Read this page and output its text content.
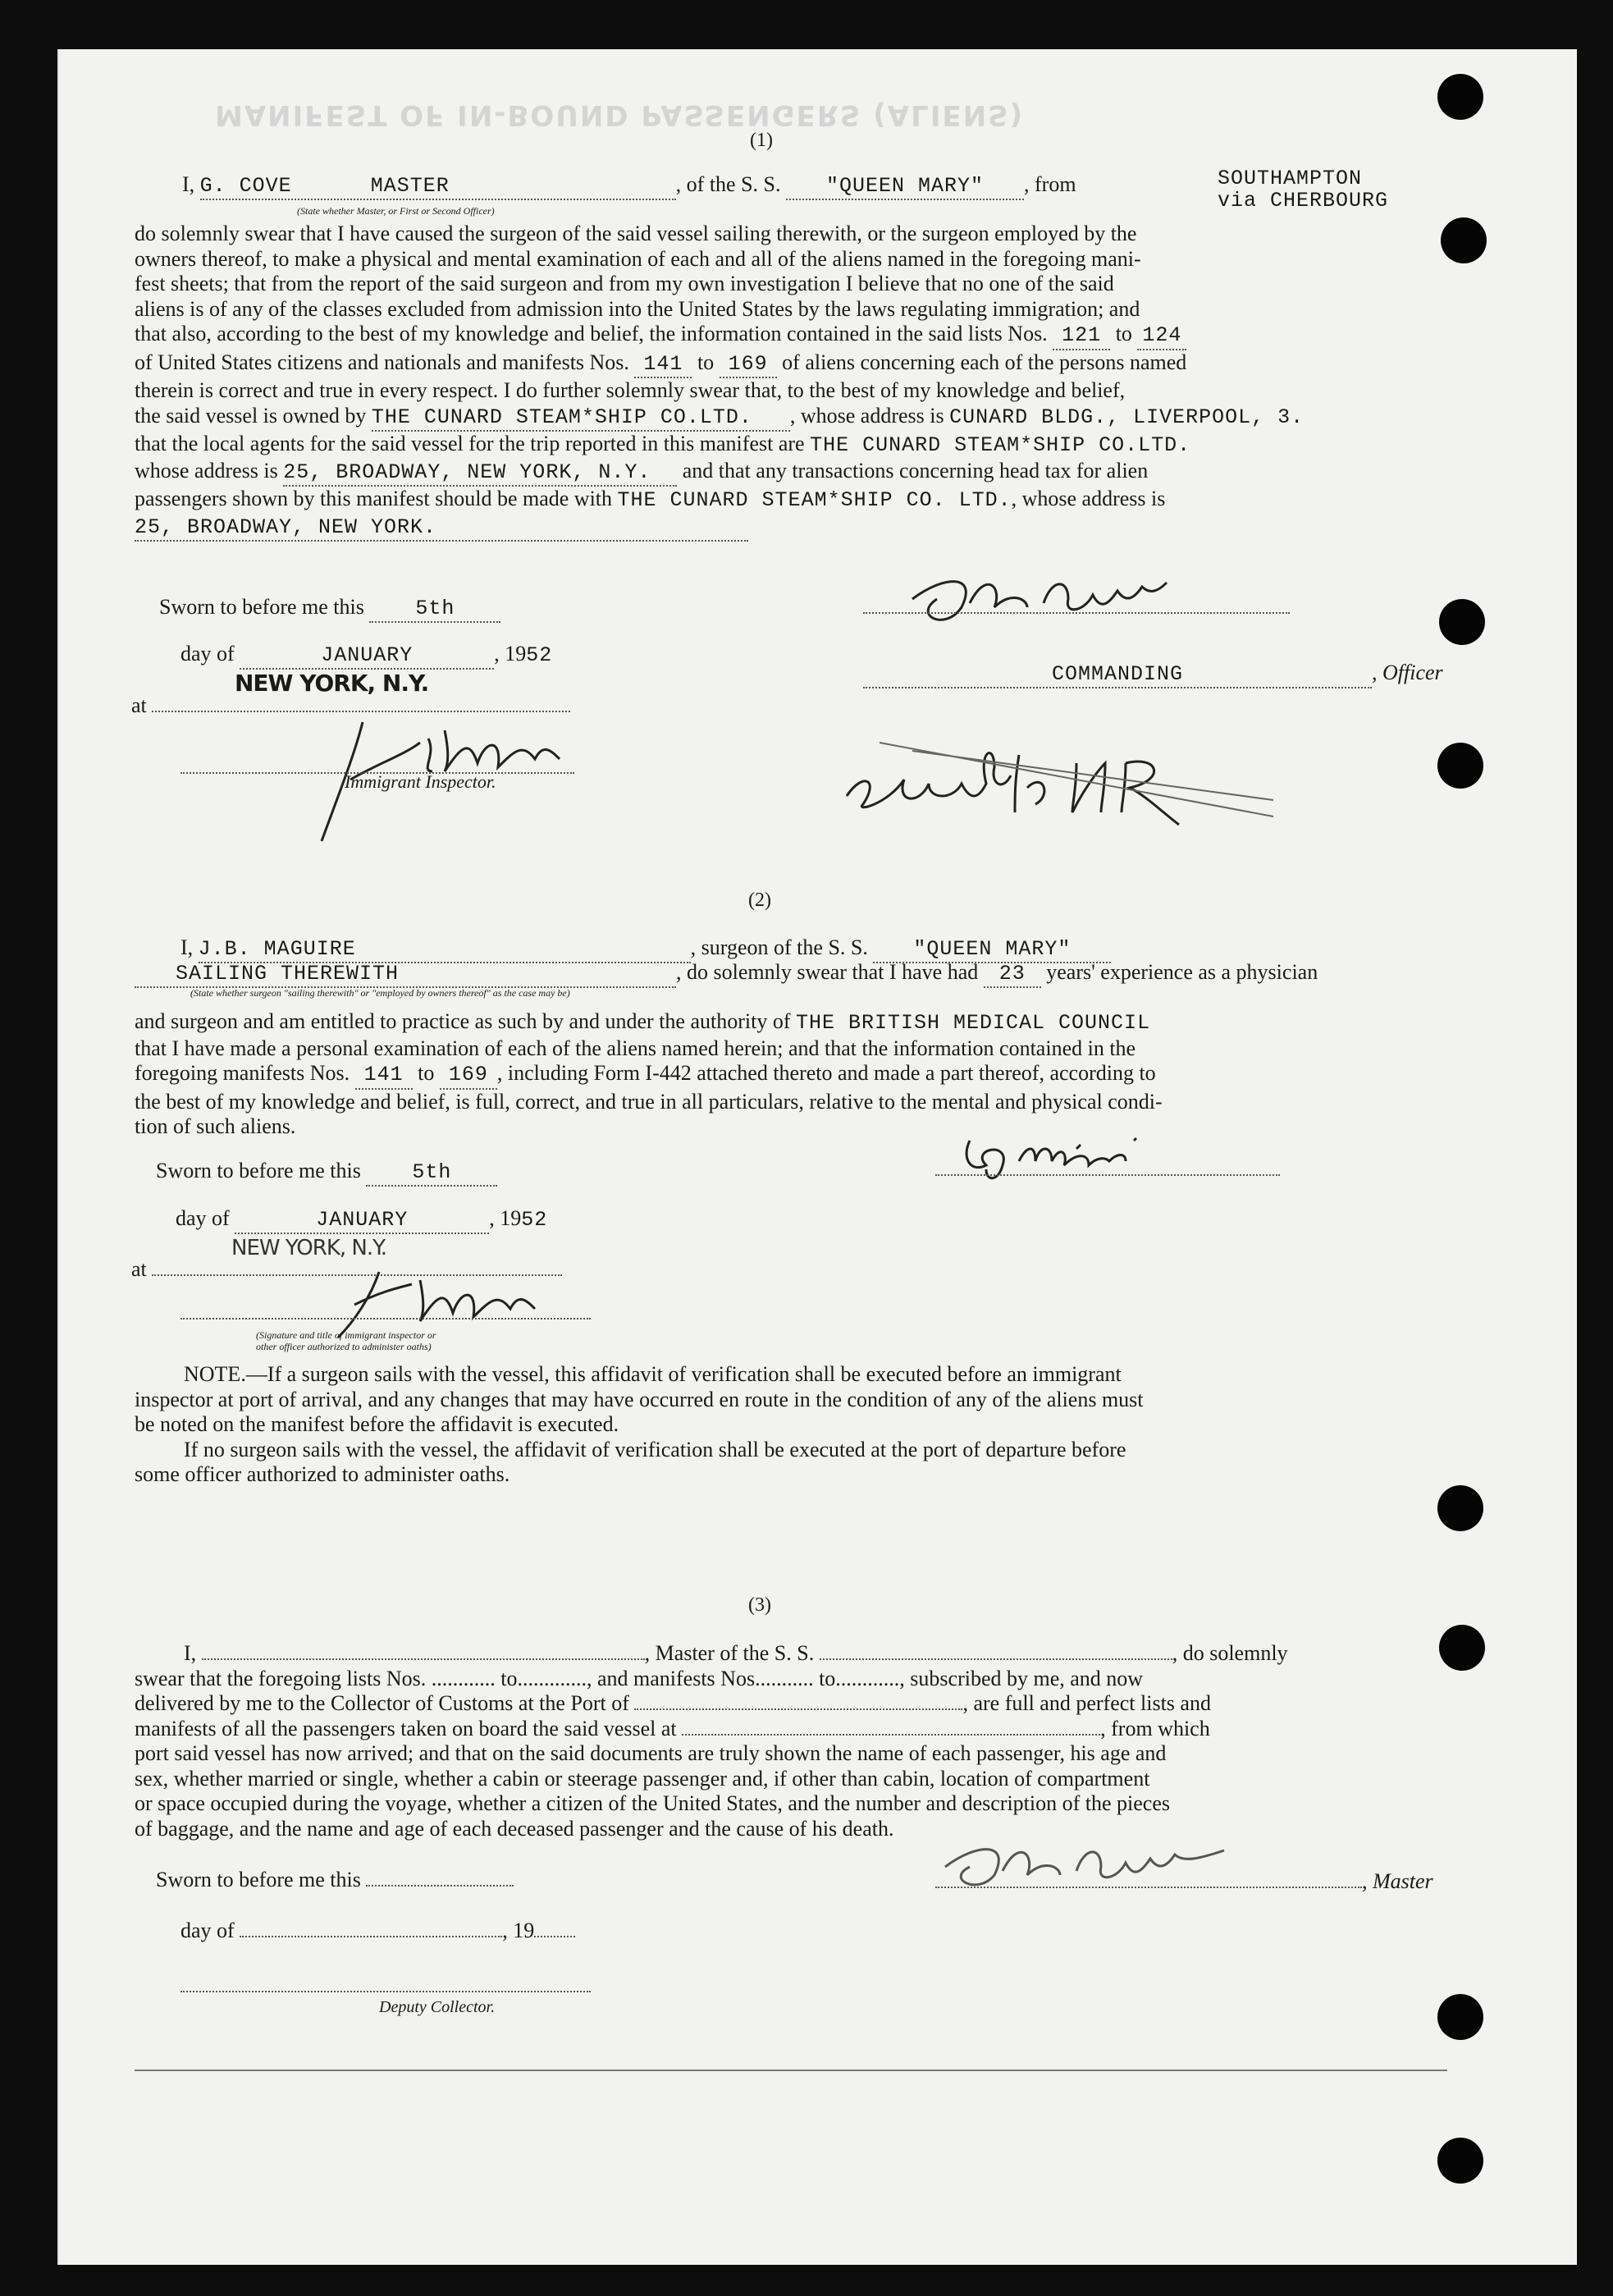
MANIFEST OF IN-BOUND PASSENGERS (ALIENS)
(1)
I, G. COVE	MASTER	, of the S. S. "QUEEN MARY" , from	SOUTHAMPTON
via CHERBOURG
(State whether Master, or First or Second Officer)
do solemnly swear that I have caused the surgeon of the said vessel sailing therewith, or the surgeon employed by the
owners thereof, to make a physical and mental examination of each and all of the aliens named in the foregoing mani-
fest sheets; that from the report of the said surgeon and from my own investigation I believe that no one of the said
aliens is of any of the classes excluded from admission into the United States by the laws regulating immigration; and
that also, according to the best of my knowledge and belief, the information contained in the said lists Nos. 121 to 124
of United States citizens and nationals and manifests Nos. 141 to 169 of aliens concerning each of the persons named
therein is correct and true in every respect. I do further solemnly swear that, to the best of my knowledge and belief,
the said vessel is owned by THE CUNARD STEAM*SHIP CO.LTD. , whose address is CUNARD BLDG., LIVERPOOL, 3.
that the local agents for the said vessel for the trip reported in this manifest are THE CUNARD STEAM*SHIP CO.LTD.
whose address is 25, BROADWAY, NEW YORK, N.Y. and that any transactions concerning head tax for alien
passengers shown by this manifest should be made with THE CUNARD STEAM*SHIP CO. LTD., whose address is
25, BROADWAY, NEW YORK.
Sworn to before me this 5th
day of	JANUARY	, 1952
at
NEW YORK, N.Y.
Immigrant Inspector.
COMMANDING	, Officer
(2)
I, J.B. MAGUIRE	, surgeon of the S. S. "QUEEN MARY"
SAILING THEREWITH	, do solemnly swear that I have had 23 years' experience as a physician
(State whether surgeon "sailing therewith" or "employed by owners thereof" as the case may be)
and surgeon and am entitled to practice as such by and under the authority of THE BRITISH MEDICAL COUNCIL
that I have made a personal examination of each of the aliens named herein; and that the information contained in the
foregoing manifests Nos. 141 to 169 , including Form I-442 attached thereto and made a part thereof, according to
the best of my knowledge and belief, is full, correct, and true in all particulars, relative to the mental and physical condi-
tion of such aliens.
Sworn to before me this 5th
day of	JANUARY	, 1952
at
NEW YORK, N.Y.
(Signature and title of immigrant inspector or
other officer authorized to administer oaths)
NOTE.—If a surgeon sails with the vessel, this affidavit of verification shall be executed before an immigrant
inspector at port of arrival, and any changes that may have occurred en route in the condition of any of the aliens must
be noted on the manifest before the affidavit is executed.
If no surgeon sails with the vessel, the affidavit of verification shall be executed at the port of departure before
some officer authorized to administer oaths.
(3)
I,	, Master of the S. S.	, do solemnly
swear that the foregoing lists Nos. ............ to............., and manifests Nos........... to............, subscribed by me, and now
delivered by me to the Collector of Customs at the Port of	, are full and perfect lists and
manifests of all the passengers taken on board the said vessel at	, from which
port said vessel has now arrived; and that on the said documents are truly shown the name of each passenger, his age and
sex, whether married or single, whether a cabin or steerage passenger and, if other than cabin, location of compartment
or space occupied during the voyage, whether a citizen of the United States, and the number and description of the pieces
of baggage, and the name and age of each deceased passenger and the cause of his death.
Sworn to before me this	, Master
day of	, 19
Deputy Collector.
